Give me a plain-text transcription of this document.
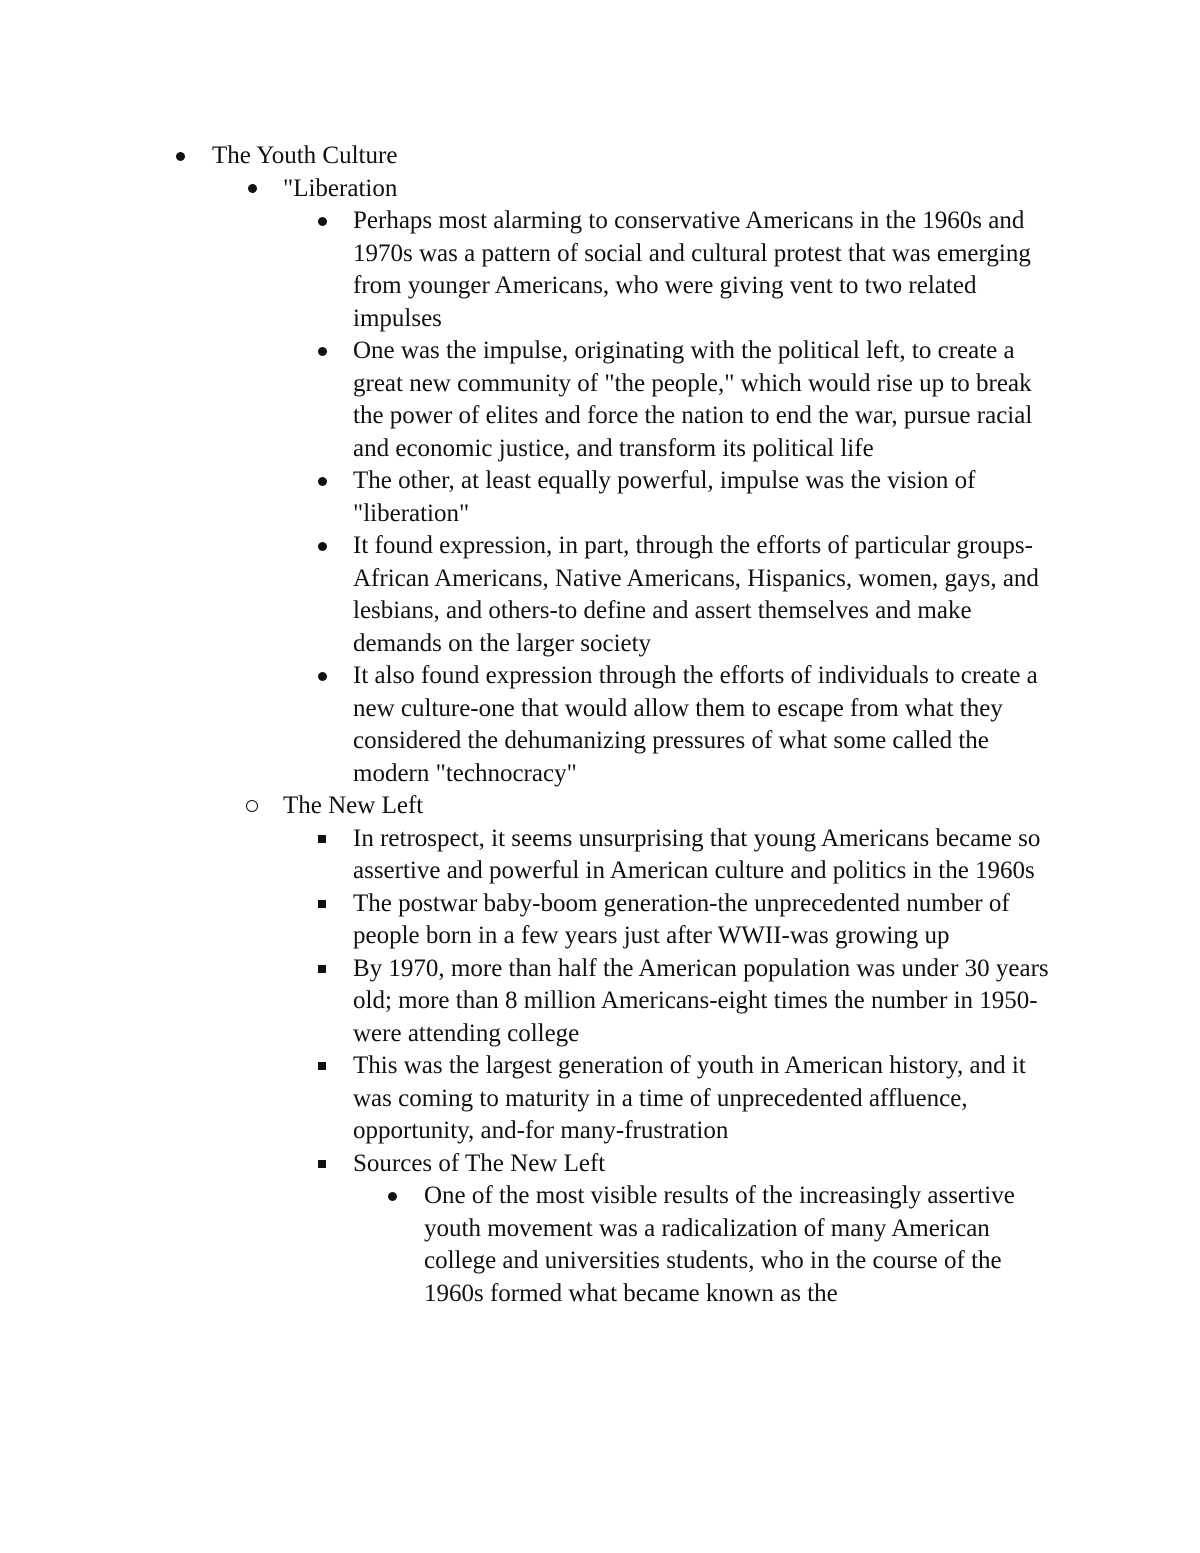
The Youth Culture
"Liberation
Perhaps most alarming to conservative Americans in the 1960s and 1970s was a pattern of social and cultural protest that was emerging from younger Americans, who were giving vent to two related impulses
One was the impulse, originating with the political left, to create a great new community of "the people," which would rise up to break the power of elites and force the nation to end the war, pursue racial and economic justice, and transform its political life
The other, at least equally powerful, impulse was the vision of "liberation"
It found expression, in part, through the efforts of particular groups-African Americans, Native Americans, Hispanics, women, gays, and lesbians, and others-to define and assert themselves and make demands on the larger society
It also found expression through the efforts of individuals to create a new culture-one that would allow them to escape from what they considered the dehumanizing pressures of what some called the modern "technocracy"
The New Left
In retrospect, it seems unsurprising that young Americans became so assertive and powerful in American culture and politics in the 1960s
The postwar baby-boom generation-the unprecedented number of people born in a few years just after WWII-was growing up
By 1970, more than half the American population was under 30 years old; more than 8 million Americans-eight times the number in 1950-were attending college
This was the largest generation of youth in American history, and it was coming to maturity in a time of unprecedented affluence, opportunity, and-for many-frustration
Sources of The New Left
One of the most visible results of the increasingly assertive youth movement was a radicalization of many American college and universities students, who in the course of the 1960s formed what became known as the
